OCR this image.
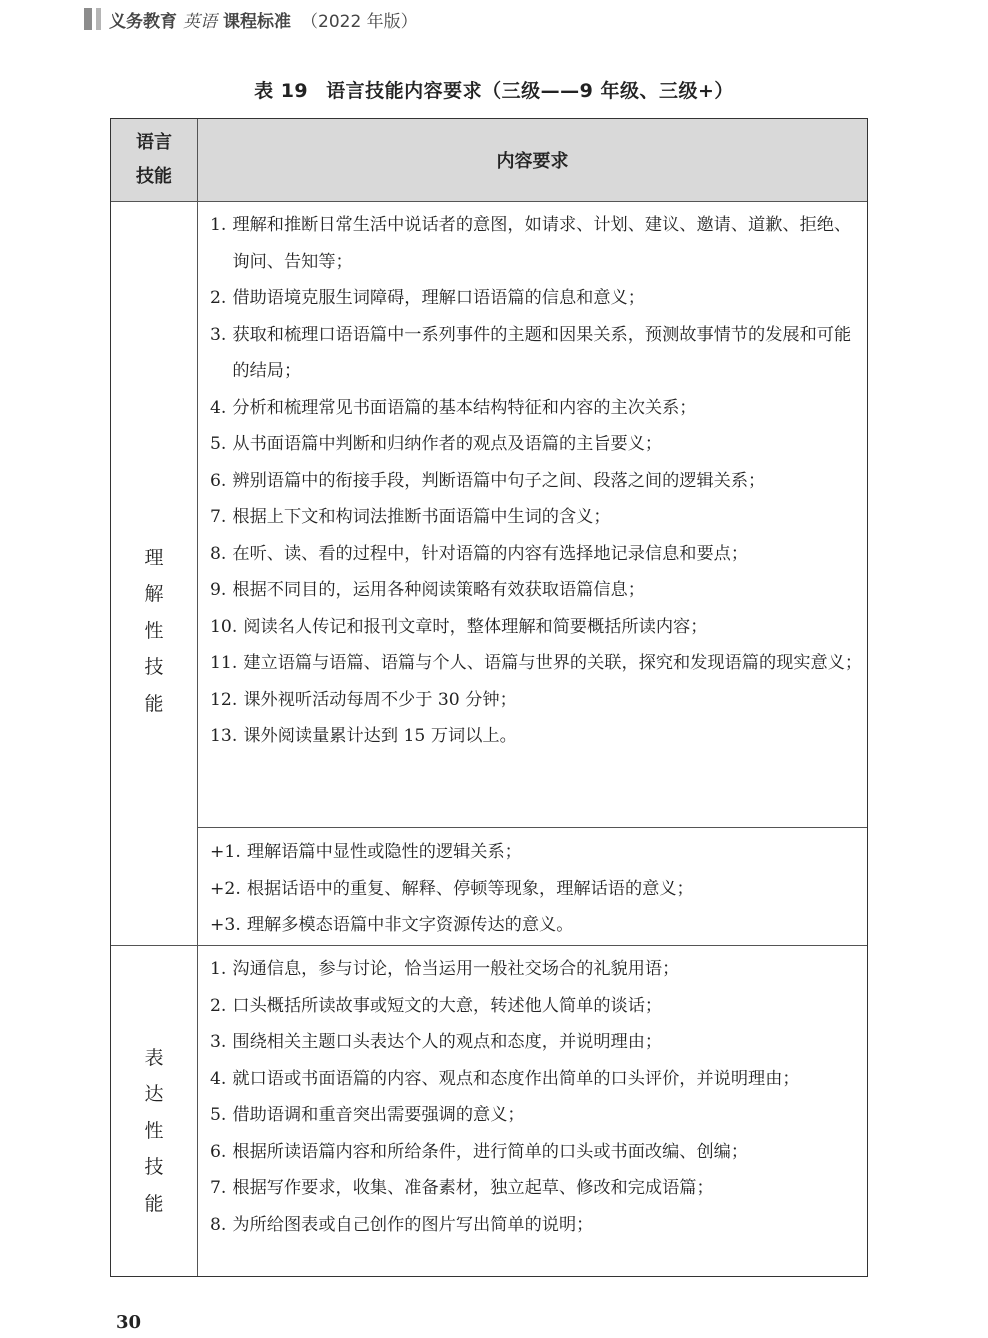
义务教育 英语 课程标准 （2022 年版）
表 19 语言技能内容要求（三级——9 年级、三级+）
语言技能
内容要求
理解性技能
1. 理解和推断日常生活中说话者的意图，如请求、计划、建议、邀请、道歉、拒绝、询问、告知等；
2. 借助语境克服生词障碍，理解口语语篇的信息和意义；
3. 获取和梳理口语语篇中一系列事件的主题和因果关系，预测故事情节的发展和可能的结局；
4. 分析和梳理常见书面语篇的基本结构特征和内容的主次关系；
5. 从书面语篇中判断和归纳作者的观点及语篇的主旨要义；
6. 辨别语篇中的衔接手段，判断语篇中句子之间、段落之间的逻辑关系；
7. 根据上下文和构词法推断书面语篇中生词的含义；
8. 在听、读、看的过程中，针对语篇的内容有选择地记录信息和要点；
9. 根据不同目的，运用各种阅读策略有效获取语篇信息；
10. 阅读名人传记和报刊文章时，整体理解和简要概括所读内容；
11. 建立语篇与语篇、语篇与个人、语篇与世界的关联，探究和发现语篇的现实意义；
12. 课外视听活动每周不少于 30 分钟；
13. 课外阅读量累计达到 15 万词以上。
+1. 理解语篇中显性或隐性的逻辑关系；
+2. 根据话语中的重复、解释、停顿等现象，理解话语的意义；
+3. 理解多模态语篇中非文字资源传达的意义。
表达性技能
1. 沟通信息，参与讨论，恰当运用一般社交场合的礼貌用语；
2. 口头概括所读故事或短文的大意，转述他人简单的谈话；
3. 围绕相关主题口头表达个人的观点和态度，并说明理由；
4. 就口语或书面语篇的内容、观点和态度作出简单的口头评价，并说明理由；
5. 借助语调和重音突出需要强调的意义；
6. 根据所读语篇内容和所给条件，进行简单的口头或书面改编、创编；
7. 根据写作要求，收集、准备素材，独立起草、修改和完成语篇；
8. 为所给图表或自己创作的图片写出简单的说明；
30
